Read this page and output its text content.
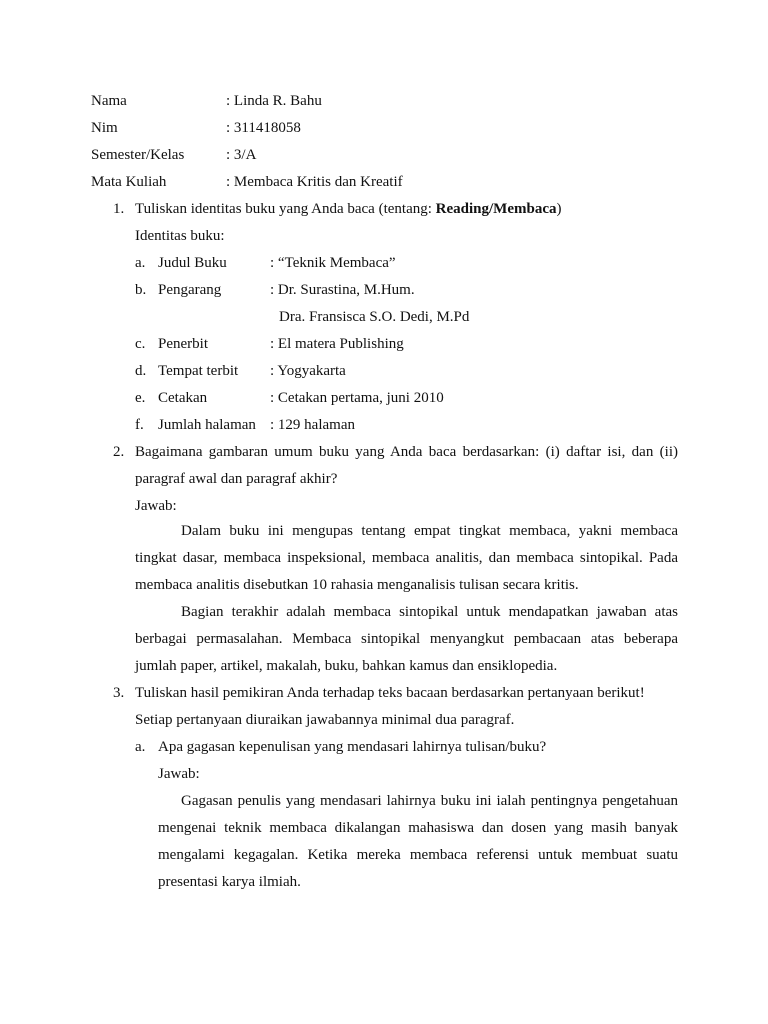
Nama	: Linda R. Bahu
Nim	: 311418058
Semester/Kelas	: 3/A
Mata Kuliah	: Membaca Kritis dan Kreatif
1. Tuliskan identitas buku yang Anda baca (tentang: Reading/Membaca)
Identitas buku:
a. Judul Buku	: “Teknik Membaca”
b. Pengarang	: Dr. Surastina, M.Hum.
Dra. Fransisca S.O. Dedi, M.Pd
c. Penerbit	: El matera Publishing
d. Tempat terbit : Yogyakarta
e. Cetakan	: Cetakan pertama, juni 2010
f. Jumlah halaman : 129 halaman
2. Bagaimana gambaran umum buku yang Anda baca berdasarkan: (i) daftar isi, dan (ii)
paragraf awal dan paragraf akhir?
Jawab:
Dalam buku ini mengupas tentang empat tingkat membaca, yakni membaca
tingkat dasar, membaca inspeksional, membaca analitis, dan membaca sintopikal. Pada
membaca analitis disebutkan 10 rahasia menganalisis tulisan secara kritis.
Bagian terakhir adalah membaca sintopikal untuk mendapatkan jawaban atas
berbagai permasalahan. Membaca sintopikal menyangkut pembacaan atas beberapa
jumlah paper, artikel, makalah, buku, bahkan kamus dan ensiklopedia.
3. Tuliskan hasil pemikiran Anda terhadap teks bacaan berdasarkan pertanyaan berikut!
Setiap pertanyaan diuraikan jawabannya minimal dua paragraf.
a. Apa gagasan kepenulisan yang mendasari lahirnya tulisan/buku?
Jawab:
Gagasan penulis yang mendasari lahirnya buku ini ialah pentingnya pengetahuan
mengenai teknik membaca dikalangan mahasiswa dan dosen yang masih banyak
mengalami kegagalan. Ketika mereka membaca referensi untuk membuat suatu
presentasi karya ilmiah.
